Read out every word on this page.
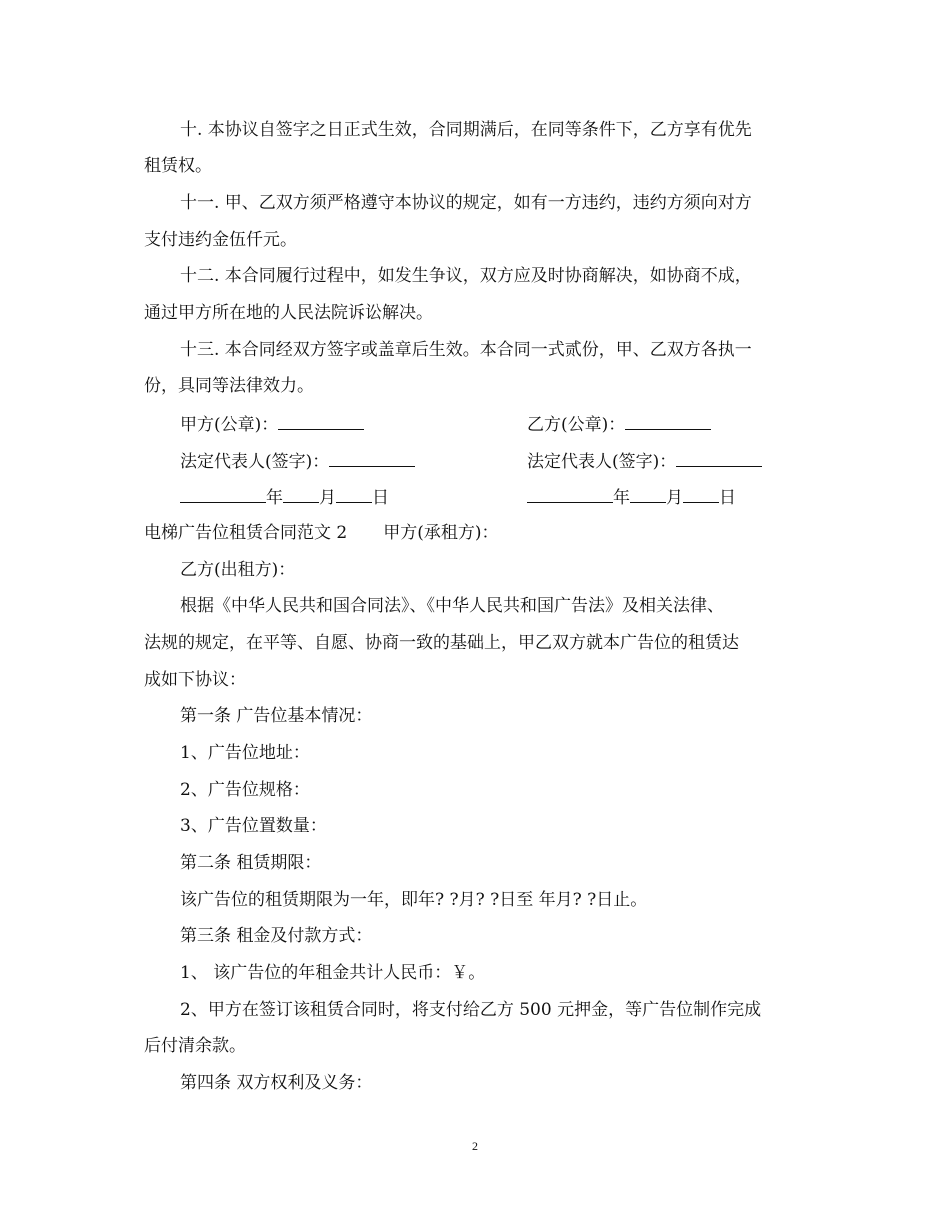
十. 本协议自签字之日正式生效，合同期满后，在同等条件下，乙方享有优先

租赁权。

十一. 甲、乙双方须严格遵守本协议的规定，如有一方违约，违约方须向对方

支付违约金伍仟元。

十二. 本合同履行过程中，如发生争议，双方应及时协商解决，如协商不成，

通过甲方所在地的人民法院诉讼解决。

十三. 本合同经双方签字或盖章后生效。本合同一式贰份，甲、乙双方各执一

份，具同等法律效力。

甲方(公章)：	乙方(公章)：

法定代表人(签字)：	法定代表人(签字)：

年 月 日	年 月 日

电梯广告位租赁合同范文 2 甲方(承租方)：

乙方(出租方)：

根据《中华人民共和国合同法》、《中华人民共和国广告法》及相关法律、

法规的规定，在平等、自愿、协商一致的基础上，甲乙双方就本广告位的租赁达

成如下协议：

第一条 广告位基本情况：

1、广告位地址：

2、广告位规格：

3、广告位置数量：

第二条 租赁期限：

该广告位的租赁期限为一年，即年? ?月? ?日至 年月? ?日止。

第三条 租金及付款方式：

1、 该广告位的年租金共计人民币：￥。

2、甲方在签订该租赁合同时，将支付给乙方 500 元押金，等广告位制作完成

后付清余款。

第四条 双方权利及义务：

2
